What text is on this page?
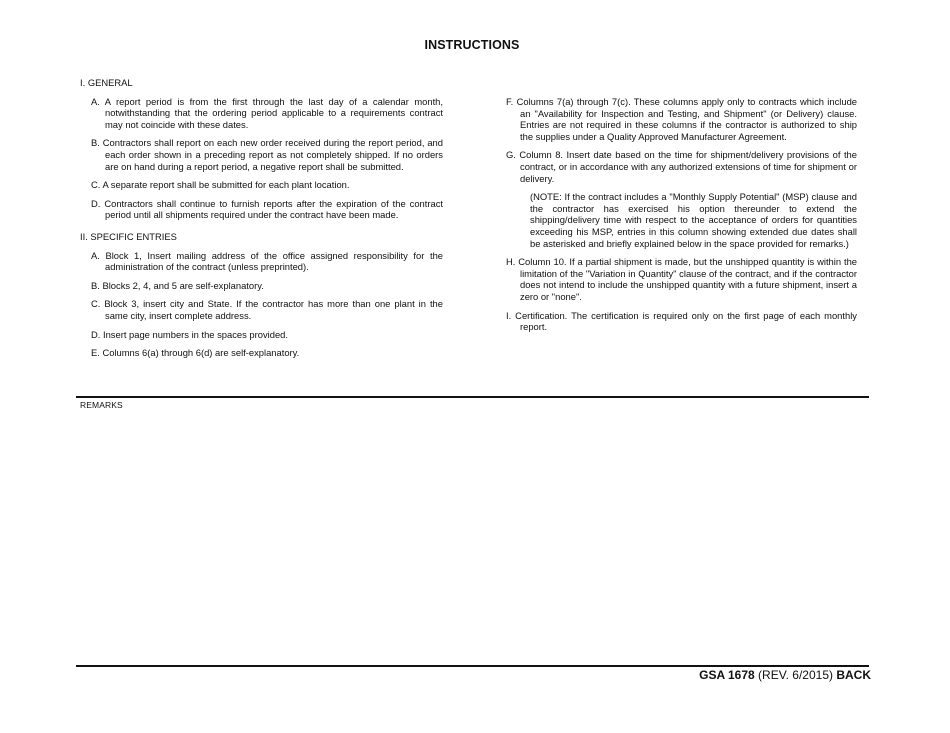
INSTRUCTIONS

I. GENERAL

A. A report period is from the first through the last day of a calendar month, notwithstanding that the ordering period applicable to a requirements contract may not coincide with these dates.

B. Contractors shall report on each new order received during the report period, and each order shown in a preceding report as not completely shipped. If no orders are on hand during a report period, a negative report shall be submitted.

C. A separate report shall be submitted for each plant location.

D. Contractors shall continue to furnish reports after the expiration of the contract period until all shipments required under the contract have been made.

II. SPECIFIC ENTRIES

A. Block 1, Insert mailing address of the office assigned responsibility for the administration of the contract (unless preprinted).

B. Blocks 2, 4, and 5 are self-explanatory.

C. Block 3, insert city and State. If the contractor has more than one plant in the same city, insert complete address.

D. Insert page numbers in the spaces provided.

E. Columns 6(a) through 6(d) are self-explanatory.

F. Columns 7(a) through 7(c). These columns apply only to contracts which include an "Availability for Inspection and Testing, and Shipment" (or Delivery) clause. Entries are not required in these columns if the contractor is authorized to ship the supplies under a Quality Approved Manufacturer Agreement.

G. Column 8. Insert date based on the time for shipment/delivery provisions of the contract, or in accordance with any authorized extensions of time for shipment or delivery.

(NOTE: If the contract includes a "Monthly Supply Potential" (MSP) clause and the contractor has exercised his option thereunder to extend the shipping/delivery time with respect to the acceptance of orders for quantities exceeding his MSP, entries in this column showing extended due dates shall be asterisked and briefly explained below in the space provided for remarks.)

H. Column 10. If a partial shipment is made, but the unshipped quantity is within the limitation of the "Variation in Quantity" clause of the contract, and if the contractor does not intend to include the unshipped quantity with a future shipment, insert a zero or "none".

I. Certification. The certification is required only on the first page of each monthly report.

REMARKS
GSA 1678 (REV. 6/2015) BACK
